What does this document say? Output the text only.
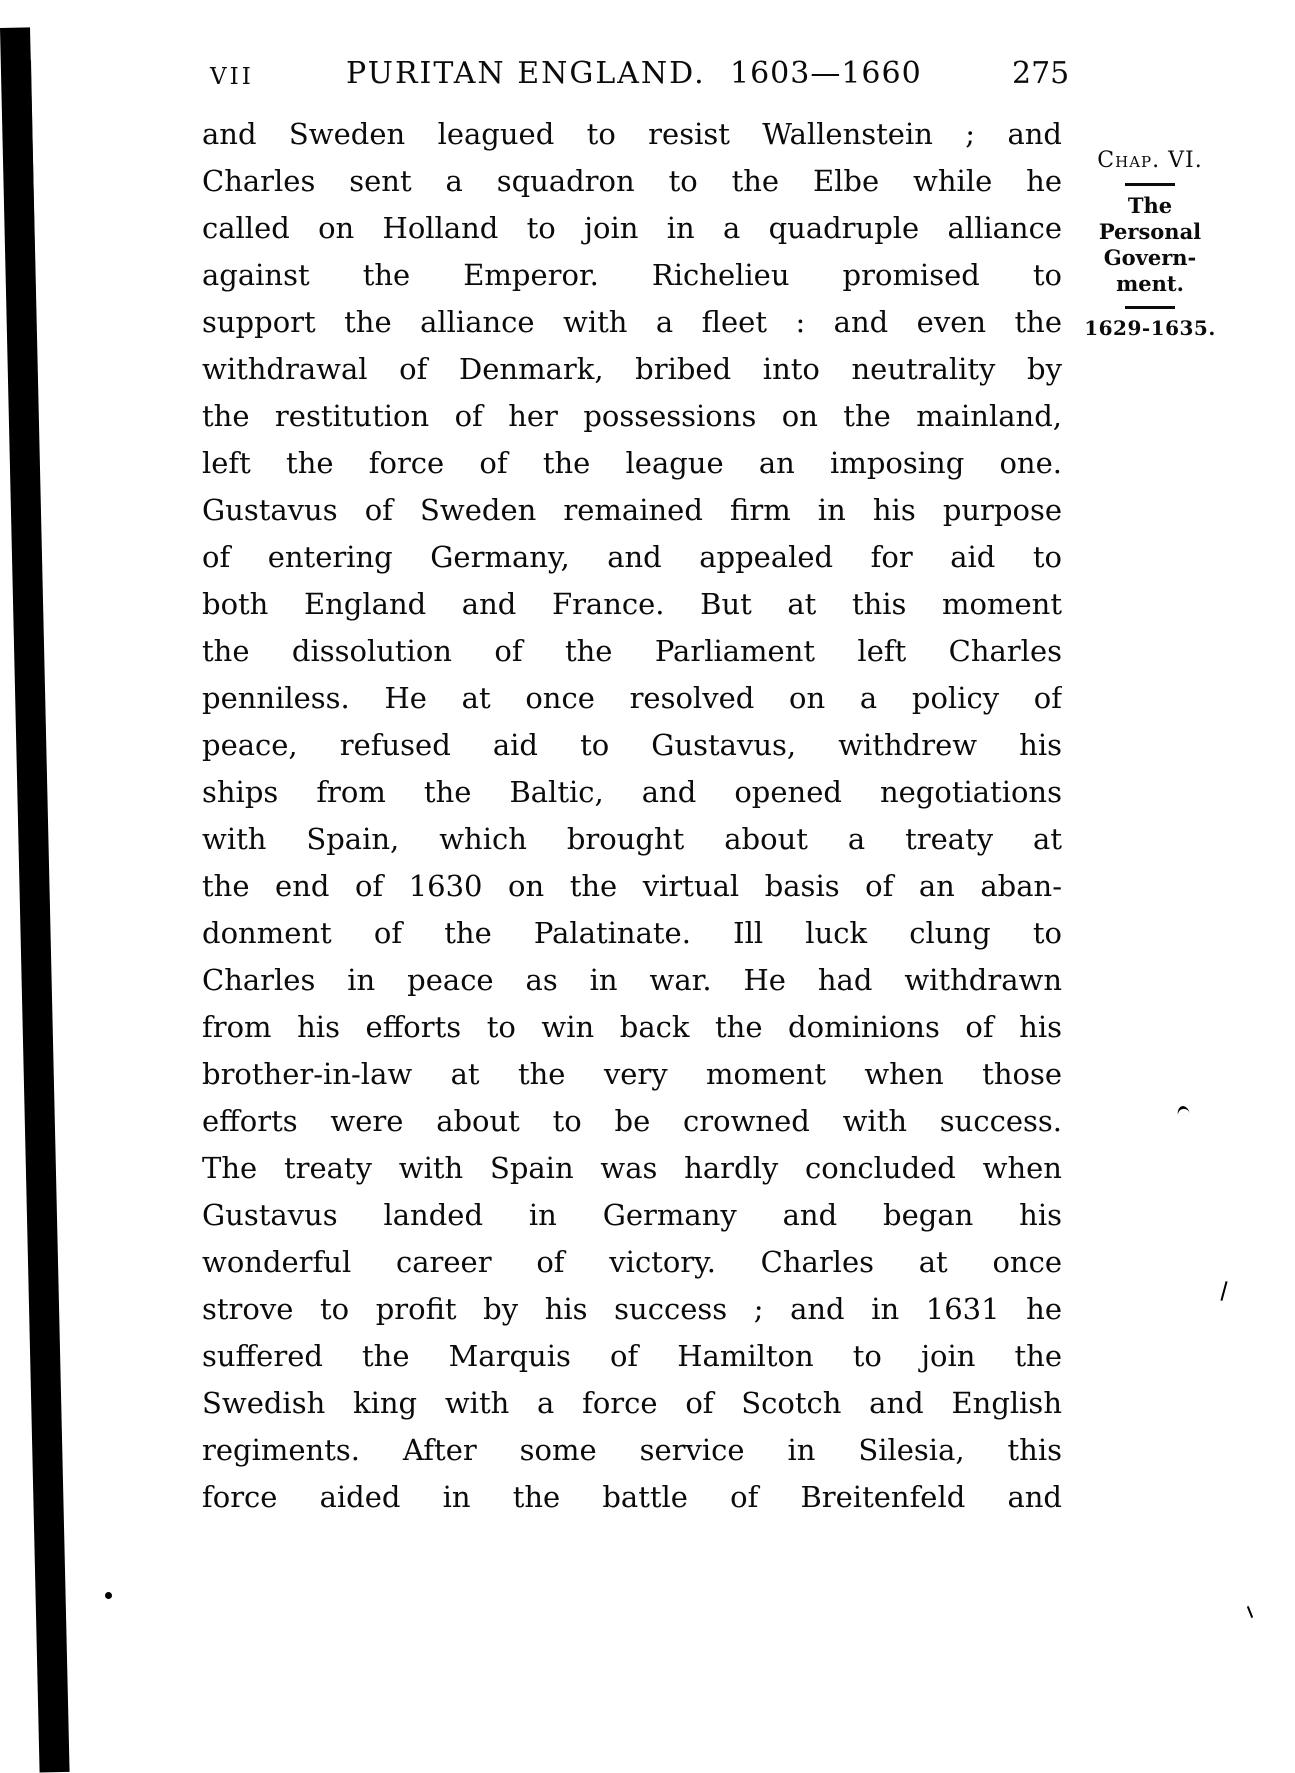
VII	PURITAN ENGLAND. 1603—1660	275
and Sweden leagued to resist Wallenstein ; and
Charles sent a squadron to the Elbe while he
called on Holland to join in a quadruple alliance
against the Emperor. Richelieu promised to
support the alliance with a fleet : and even the
withdrawal of Denmark, bribed into neutrality by
the restitution of her possessions on the mainland,
left the force of the league an imposing one.
Gustavus of Sweden remained firm in his purpose
of entering Germany, and appealed for aid to
both England and France. But at this moment
the dissolution of the Parliament left Charles
penniless. He at once resolved on a policy of
peace, refused aid to Gustavus, withdrew his
ships from the Baltic, and opened negotiations
with Spain, which brought about a treaty at
the end of 1630 on the virtual basis of an aban-
donment of the Palatinate. Ill luck clung to
Charles in peace as in war. He had withdrawn
from his efforts to win back the dominions of his
brother-in-law at the very moment when those
efforts were about to be crowned with success.
The treaty with Spain was hardly concluded when
Gustavus landed in Germany and began his
wonderful career of victory. Charles at once
strove to profit by his success ; and in 1631 he
suffered the Marquis of Hamilton to join the
Swedish king with a force of Scotch and English
regiments. After some service in Silesia, this
force aided in the battle of Breitenfeld and
Chap. VI.
The
Personal
Govern-
ment.
1629-1635.
